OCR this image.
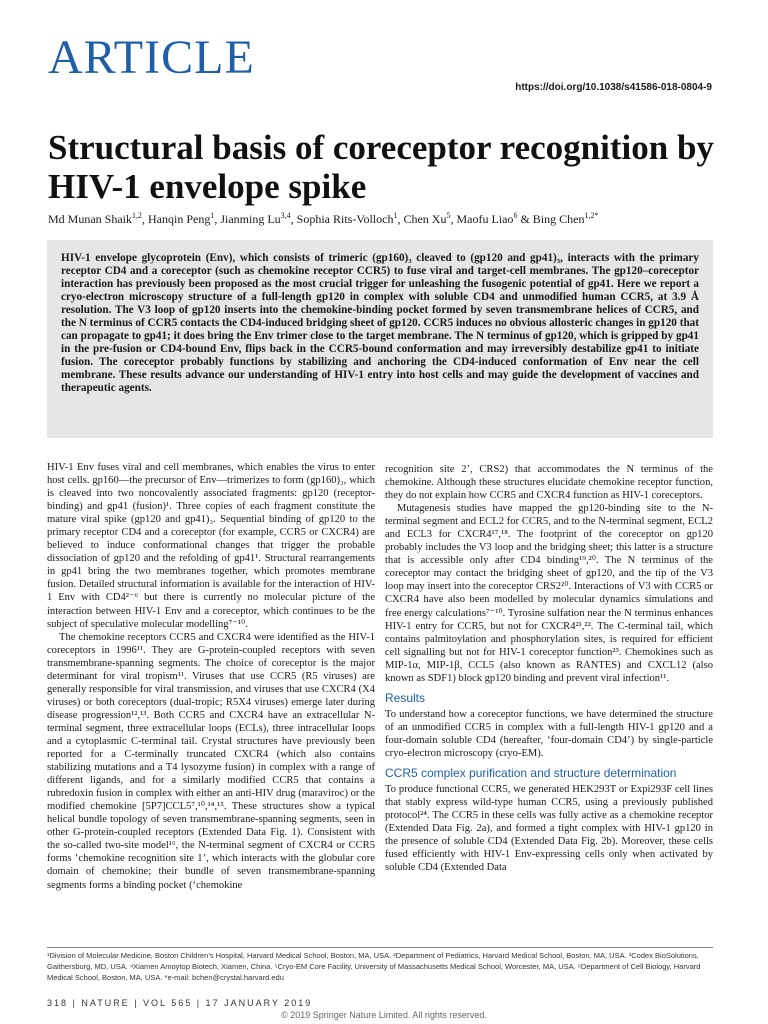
ARTICLE
https://doi.org/10.1038/s41586-018-0804-9
Structural basis of coreceptor recognition by HIV-1 envelope spike
Md Munan Shaik$^{1,2}$, Hanqin Peng$^1$, Jianming Lu$^{3,4}$, Sophia Rits-Volloch$^1$, Chen Xu$^5$, Maofu Liao$^6$ & Bing Chen$^{1,2*}$

HIV-1 envelope glycoprotein (Env), which consists of trimeric (gp160)₃ cleaved to (gp120 and gp41)₃, interacts with the primary receptor CD4 and a coreceptor (such as chemokine receptor CCR5) to fuse viral and target-cell membranes. The gp120–coreceptor interaction has previously been proposed as the most crucial trigger for unleashing the fusogenic potential of gp41. Here we report a cryo-electron microscopy structure of a full-length gp120 in complex with soluble CD4 and unmodified human CCR5, at 3.9 Å resolution. The V3 loop of gp120 inserts into the chemokine-binding pocket formed by seven transmembrane helices of CCR5, and the N terminus of CCR5 contacts the CD4-induced bridging sheet of gp120. CCR5 induces no obvious allosteric changes in gp120 that can propagate to gp41; it does bring the Env trimer close to the target membrane. The N terminus of gp120, which is gripped by gp41 in the pre-fusion or CD4-bound Env, flips back in the CCR5-bound conformation and may irreversibly destabilize gp41 to initiate fusion. The coreceptor probably functions by stabilizing and anchoring the CD4-induced conformation of Env near the cell membrane. These results advance our understanding of HIV-1 entry into host cells and may guide the development of vaccines and therapeutic agents.

HIV-1 Env fuses viral and cell membranes, which enables the virus to enter host cells. gp160—the precursor of Env—trimerizes to form (gp160)₃, which is cleaved into two noncovalently associated fragments: gp120 (receptor-binding) and gp41 (fusion)¹. Three copies of each fragment constitute the mature viral spike (gp120 and gp41)₃. Sequential binding of gp120 to the primary receptor CD4 and a coreceptor (for example, CCR5 or CXCR4) are believed to induce conformational changes that trigger the probable dissociation of gp120 and the refolding of gp41¹. Structural rearrangements in gp41 bring the two membranes together, which promotes membrane fusion. Detailed structural information is available for the interaction of HIV-1 Env with CD4²⁻⁶ but there is currently no molecular picture of the interaction between HIV-1 Env and a coreceptor, which continues to be the subject of speculative molecular modelling⁷⁻¹⁰.

The chemokine receptors CCR5 and CXCR4 were identified as the HIV-1 coreceptors in 1996¹¹. They are G-protein-coupled receptors with seven transmembrane-spanning segments. The choice of coreceptor is the major determinant for viral tropism¹¹. Viruses that use CCR5 (R5 viruses) are generally responsible for viral transmission, and viruses that use CXCR4 (X4 viruses) or both coreceptors (dual-tropic; R5X4 viruses) emerge later during disease progression¹²,¹³. Both CCR5 and CXCR4 have an extracellular N-terminal segment, three extracellular loops (ECLs), three intracellular loops and a cytoplasmic C-terminal tail. Crystal structures have previously been reported for a C-terminally truncated CXCR4 (which also contains stabilizing mutations and a T4 lysozyme fusion) in complex with a range of different ligands, and for a similarly modified CCR5 that contains a rubredoxin fusion in complex with either an anti-HIV drug (maraviroc) or the modified chemokine [5P7]CCL5⁷,¹⁰,¹⁴,¹⁵. These structures show a typical helical bundle topology of seven transmembrane-spanning segments, seen in other G-protein-coupled receptors (Extended Data Fig. 1). Consistent with the so-called two-site model¹⁶, the N-terminal segment of CXCR4 or CCR5 forms ‘chemokine recognition site 1’, which interacts with the globular core domain of chemokine; their bundle of seven transmembrane-spanning segments forms a binding pocket (‘chemokine

recognition site 2’, CRS2) that accommodates the N terminus of the chemokine. Although these structures elucidate chemokine receptor function, they do not explain how CCR5 and CXCR4 function as HIV-1 coreceptors.

Mutagenesis studies have mapped the gp120-binding site to the N-terminal segment and ECL2 for CCR5, and to the N-terminal segment, ECL2 and ECL3 for CXCR4¹⁷,¹⁸. The footprint of the coreceptor on gp120 probably includes the V3 loop and the bridging sheet; this latter is a structure that is accessible only after CD4 binding¹⁹,²⁰. The N terminus of the coreceptor may contact the bridging sheet of gp120, and the tip of the V3 loop may insert into the coreceptor CRS2²⁰. Interactions of V3 with CCR5 or CXCR4 have also been modelled by molecular dynamics simulations and free energy calculations⁷⁻¹⁰. Tyrosine sulfation near the N terminus enhances HIV-1 entry for CCR5, but not for CXCR4²¹,²². The C-terminal tail, which contains palmitoylation and phosphorylation sites, is required for efficient cell signalling but not for HIV-1 coreceptor function²³. Chemokines such as MIP-1α, MIP-1β, CCL5 (also known as RANTES) and CXCL12 (also known as SDF1) block gp120 binding and prevent viral infection¹¹.

Results

To understand how a coreceptor functions, we have determined the structure of an unmodified CCR5 in complex with a full-length HIV-1 gp120 and a four-domain soluble CD4 (hereafter, ‘four-domain CD4’) by single-particle cryo-electron microscopy (cryo-EM).

CCR5 complex purification and structure determination

To produce functional CCR5, we generated HEK293T or Expi293F cell lines that stably express wild-type human CCR5, using a previously published protocol²⁴. The CCR5 in these cells was fully active as a chemokine receptor (Extended Data Fig. 2a), and formed a tight complex with HIV-1 gp120 in the presence of soluble CD4 (Extended Data Fig. 2b). Moreover, these cells fused efficiently with HIV-1 Env-expressing cells only when activated by soluble CD4 (Extended Data

¹Division of Molecular Medicine, Boston Children’s Hospital, Harvard Medical School, Boston, MA, USA. ²Department of Pediatrics, Harvard Medical School, Boston, MA, USA. ³Codex BioSolutions, Gaithersburg, MD, USA. ⁴Xiamen Amoytop Biotech, Xiamen, China. ⁵Cryo-EM Core Facility, University of Massachusetts Medical School, Worcester, MA, USA. ⁶Department of Cell Biology, Harvard Medical School, Boston, MA, USA. *e-mail: bchen@crystal.harvard.edu
318 | NATURE | VOL 565 | 17 JANUARY 2019
© 2019 Springer Nature Limited. All rights reserved.
